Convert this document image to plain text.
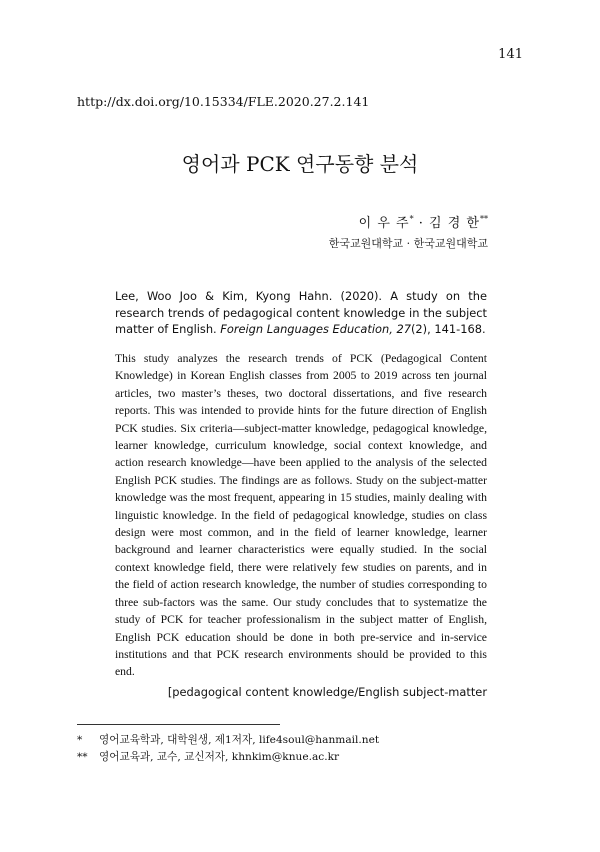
141
http://dx.doi.org/10.15334/FLE.2020.27.2.141
영어과 PCK 연구동향 분석
이 우 주* · 김 경 한**
한국교원대학교 · 한국교원대학교
Lee, Woo Joo & Kim, Kyong Hahn. (2020). A study on the research trends of pedagogical content knowledge in the subject matter of English. Foreign Languages Education, 27(2), 141-168.
This study analyzes the research trends of PCK (Pedagogical Content Knowledge) in Korean English classes from 2005 to 2019 across ten journal articles, two master’s theses, two doctoral dissertations, and five research reports. This was intended to provide hints for the future direction of English PCK studies. Six criteria—subject-matter knowledge, pedagogical knowledge, learner knowledge, curriculum knowledge, social context knowledge, and action research knowledge—have been applied to the analysis of the selected English PCK studies. The findings are as follows. Study on the subject-matter knowledge was the most frequent, appearing in 15 studies, mainly dealing with linguistic knowledge. In the field of pedagogical knowledge, studies on class design were most common, and in the field of learner knowledge, learner background and learner characteristics were equally studied. In the social context knowledge field, there were relatively few studies on parents, and in the field of action research knowledge, the number of studies corresponding to three sub-factors was the same. Our study concludes that to systematize the study of PCK for teacher professionalism in the subject matter of English, English PCK education should be done in both pre-service and in-service institutions and that PCK research environments should be provided to this end.
[pedagogical content knowledge/English subject-matter
* 영어교육학과, 대학원생, 제1저자, life4soul@hanmail.net
** 영어교육과, 교수, 교신저자, khnkim@knue.ac.kr
